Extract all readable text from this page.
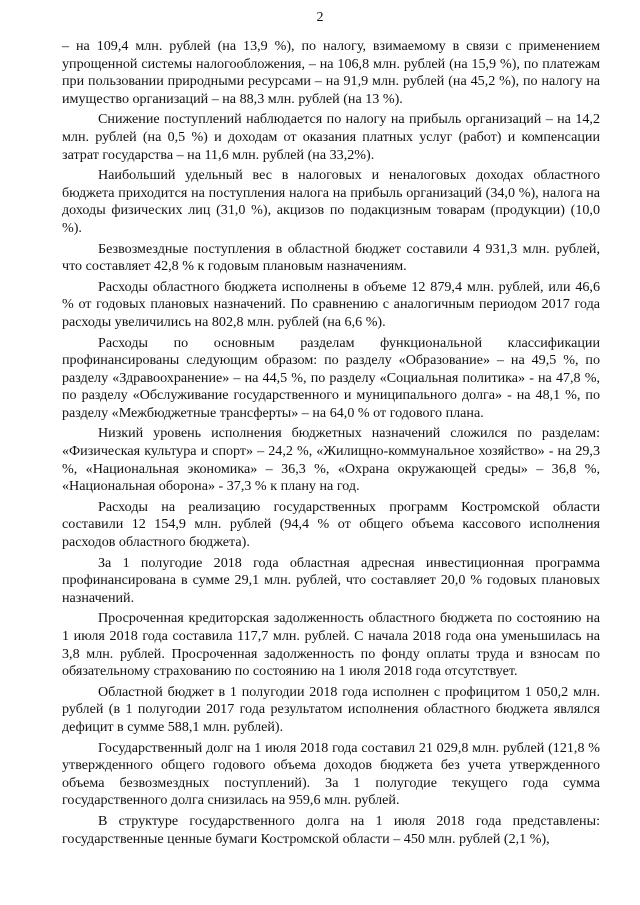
2

– на 109,4 млн. рублей (на 13,9 %), по налогу, взимаемому в связи с применением упрощенной системы налогообложения, – на 106,8 млн. рублей (на 15,9 %), по платежам при пользовании природными ресурсами – на 91,9 млн. рублей (на 45,2 %), по налогу на имущество организаций – на 88,3 млн. рублей (на 13 %).

Снижение поступлений наблюдается по налогу на прибыль организаций – на 14,2 млн. рублей (на 0,5 %) и доходам от оказания платных услуг (работ) и компенсации затрат государства – на 11,6 млн. рублей (на 33,2%).

Наибольший удельный вес в налоговых и неналоговых доходах областного бюджета приходится на поступления налога на прибыль организаций (34,0 %), налога на доходы физических лиц (31,0 %), акцизов по подакцизным товарам (продукции) (10,0 %).

Безвозмездные поступления в областной бюджет составили 4 931,3 млн. рублей, что составляет 42,8 % к годовым плановым назначениям.

Расходы областного бюджета исполнены в объеме 12 879,4 млн. рублей, или 46,6 % от годовых плановых назначений. По сравнению с аналогичным периодом 2017 года расходы увеличились на 802,8 млн. рублей (на 6,6 %).

Расходы по основным разделам функциональной классификации профинансированы следующим образом: по разделу «Образование» – на 49,5 %, по разделу «Здравоохранение» – на 44,5 %, по разделу «Социальная политика» - на 47,8 %, по разделу «Обслуживание государственного и муниципального долга» - на 48,1 %, по разделу «Межбюджетные трансферты» – на 64,0 % от годового плана.

Низкий уровень исполнения бюджетных назначений сложился по разделам: «Физическая культура и спорт» – 24,2 %, «Жилищно-коммунальное хозяйство» - на 29,3 %, «Национальная экономика» – 36,3 %, «Охрана окружающей среды» – 36,8 %, «Национальная оборона» - 37,3 % к плану на год.

Расходы на реализацию государственных программ Костромской области составили 12 154,9 млн. рублей (94,4 % от общего объема кассового исполнения расходов областного бюджета).

За 1 полугодие 2018 года областная адресная инвестиционная программа профинансирована в сумме 29,1 млн. рублей, что составляет 20,0 % годовых плановых назначений.

Просроченная кредиторская задолженность областного бюджета по состоянию на 1 июля 2018 года составила 117,7 млн. рублей. С начала 2018 года она уменьшилась на 3,8 млн. рублей. Просроченная задолженность по фонду оплаты труда и взносам по обязательному страхованию по состоянию на 1 июля 2018 года отсутствует.

Областной бюджет в 1 полугодии 2018 года исполнен с профицитом 1 050,2 млн. рублей (в 1 полугодии 2017 года результатом исполнения областного бюджета являлся дефицит в сумме 588,1 млн. рублей).

Государственный долг на 1 июля 2018 года составил 21 029,8 млн. рублей (121,8 % утвержденного общего годового объема доходов бюджета без учета утвержденного объема безвозмездных поступлений). За 1 полугодие текущего года сумма государственного долга снизилась на 959,6 млн. рублей.

В структуре государственного долга на 1 июля 2018 года представлены: государственные ценные бумаги Костромской области – 450 млн. рублей (2,1 %),
